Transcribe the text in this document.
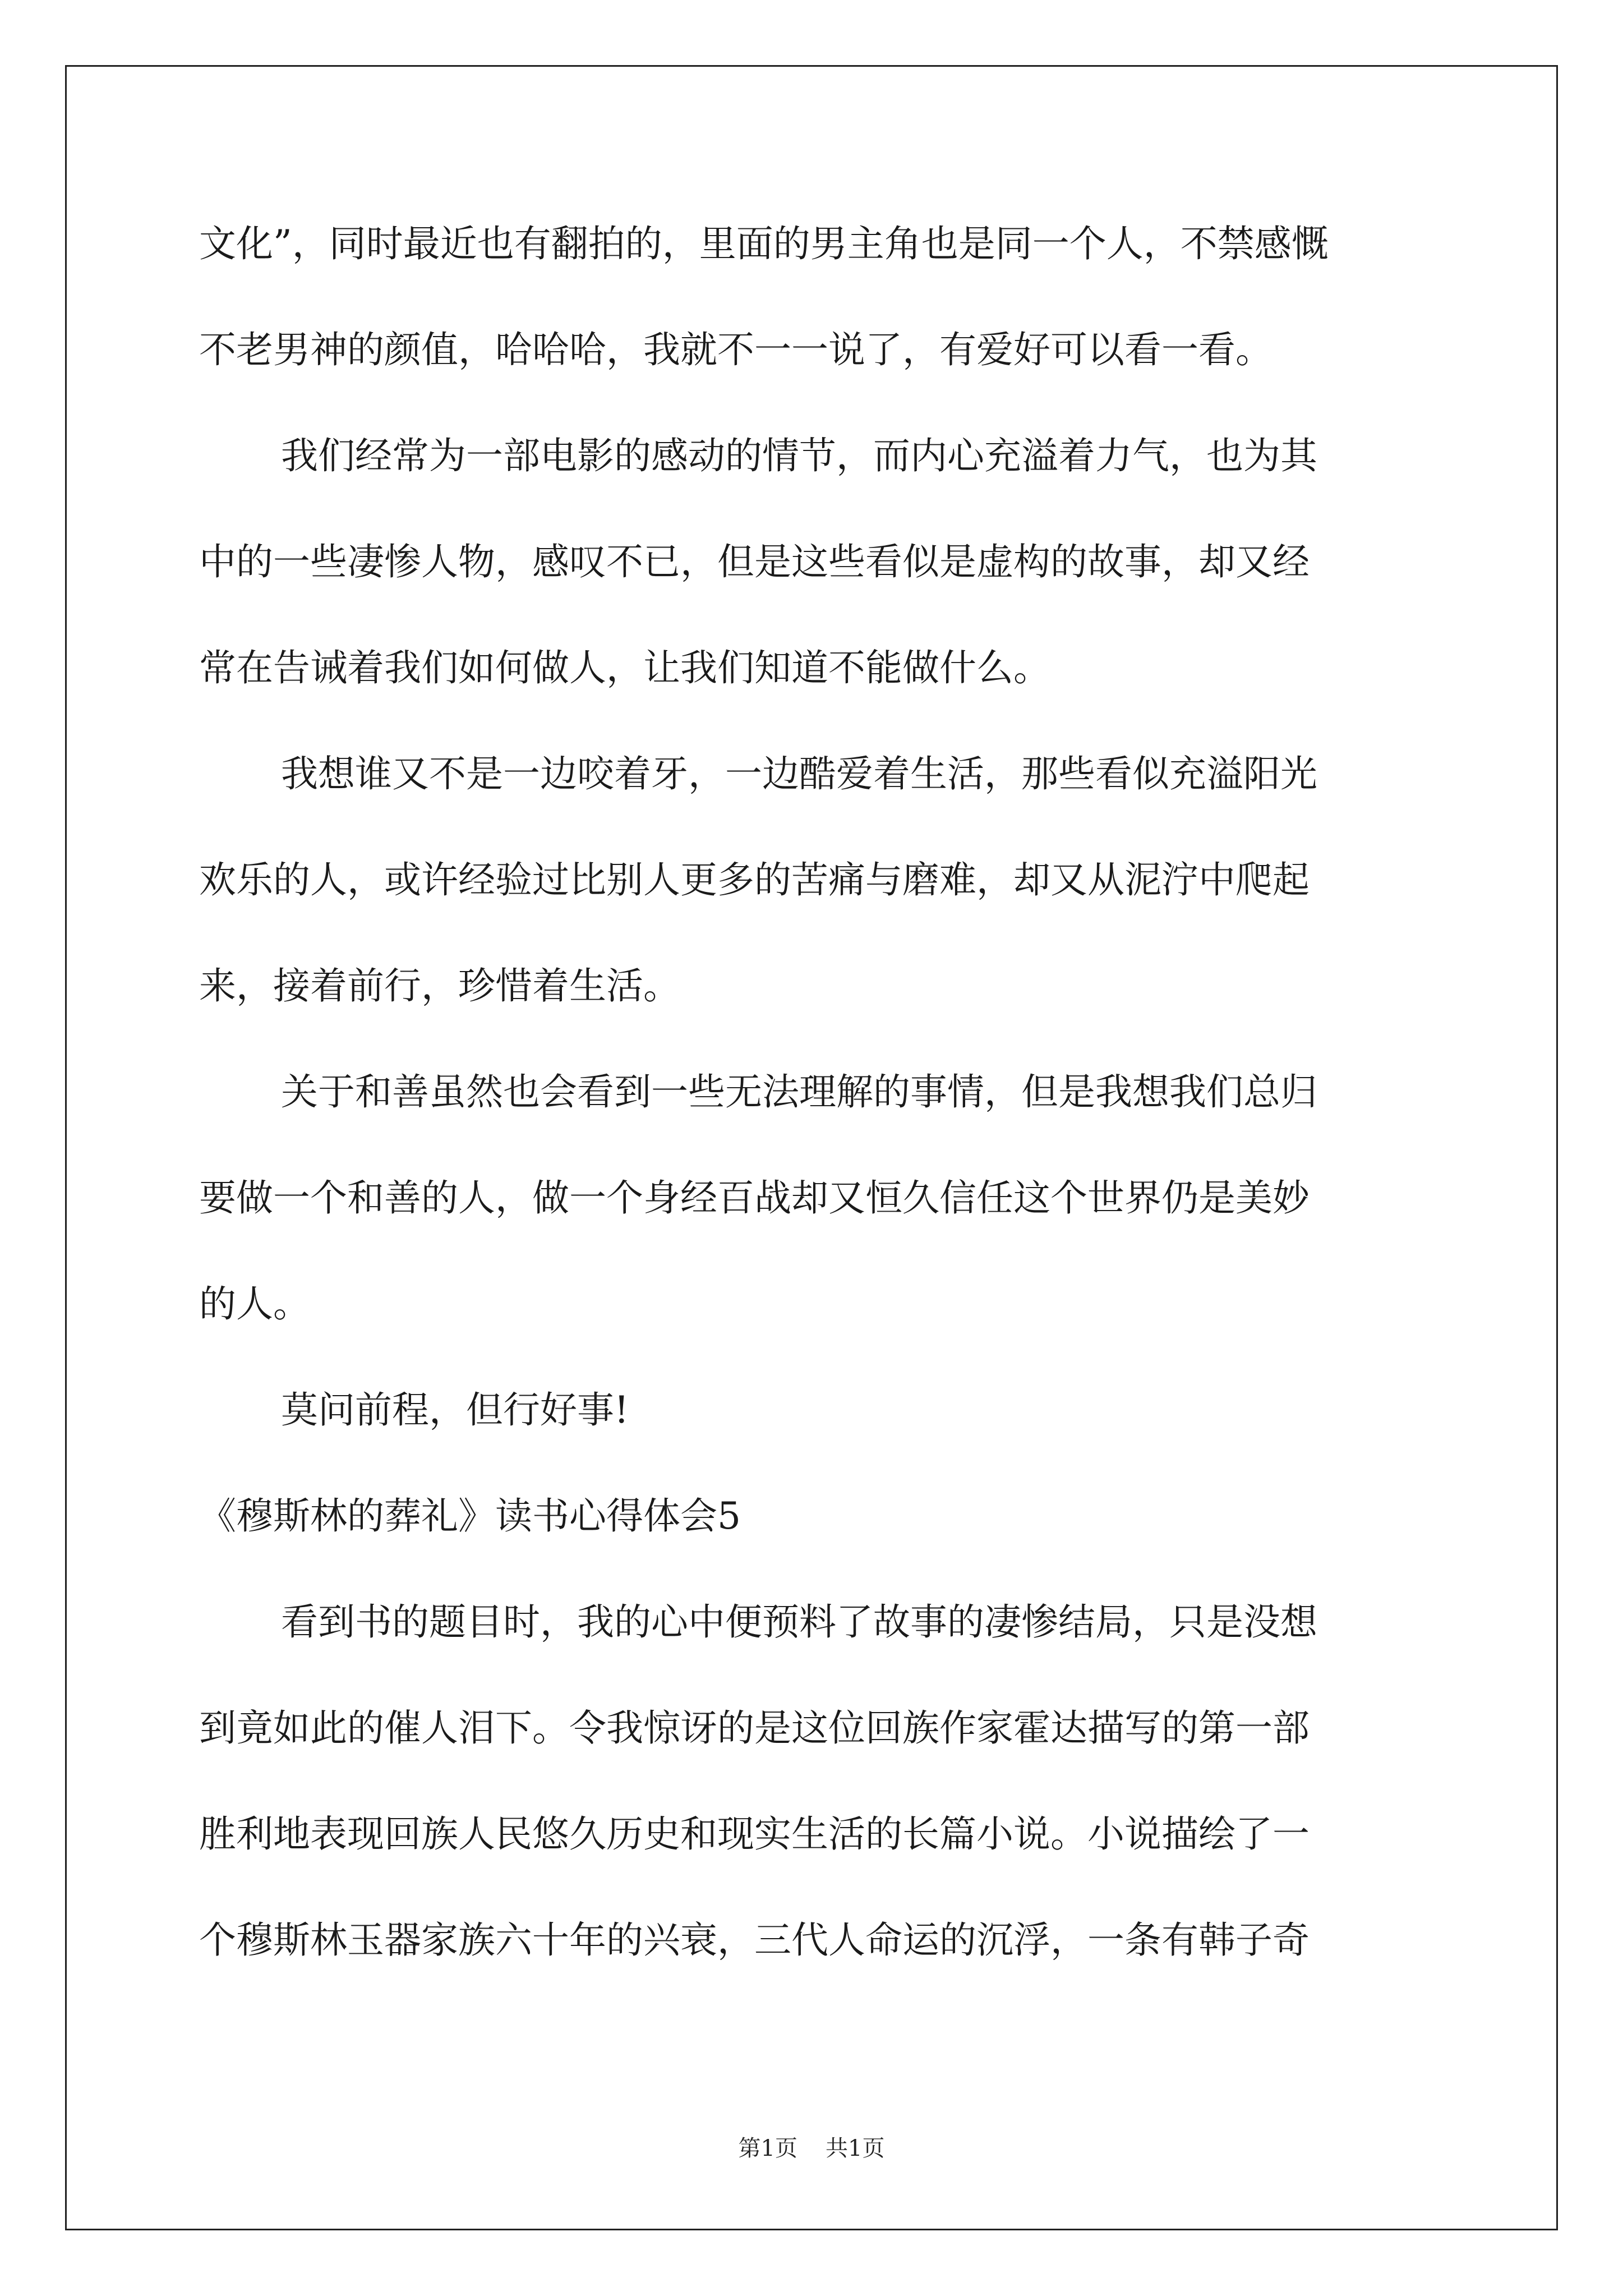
文化”，同时最近也有翻拍的，里面的男主角也是同一个人，不禁感慨
不老男神的颜值，哈哈哈，我就不一一说了，有爱好可以看一看。
我们经常为一部电影的感动的情节，而内心充溢着力气，也为其
中的一些凄惨人物，感叹不已，但是这些看似是虚构的故事，却又经
常在告诫着我们如何做人，让我们知道不能做什么。
我想谁又不是一边咬着牙，一边酷爱着生活，那些看似充溢阳光
欢乐的人，或许经验过比别人更多的苦痛与磨难，却又从泥泞中爬起
来，接着前行，珍惜着生活。
关于和善虽然也会看到一些无法理解的事情，但是我想我们总归
要做一个和善的人，做一个身经百战却又恒久信任这个世界仍是美妙
的人。
莫问前程，但行好事!
《穆斯林的葬礼》读书心得体会5
看到书的题目时，我的心中便预料了故事的凄惨结局，只是没想
到竟如此的催人泪下。令我惊讶的是这位回族作家霍达描写的第一部
胜利地表现回族人民悠久历史和现实生活的长篇小说。小说描绘了一
个穆斯林玉器家族六十年的兴衰，三代人命运的沉浮，一条有韩子奇
第1页 共1页
